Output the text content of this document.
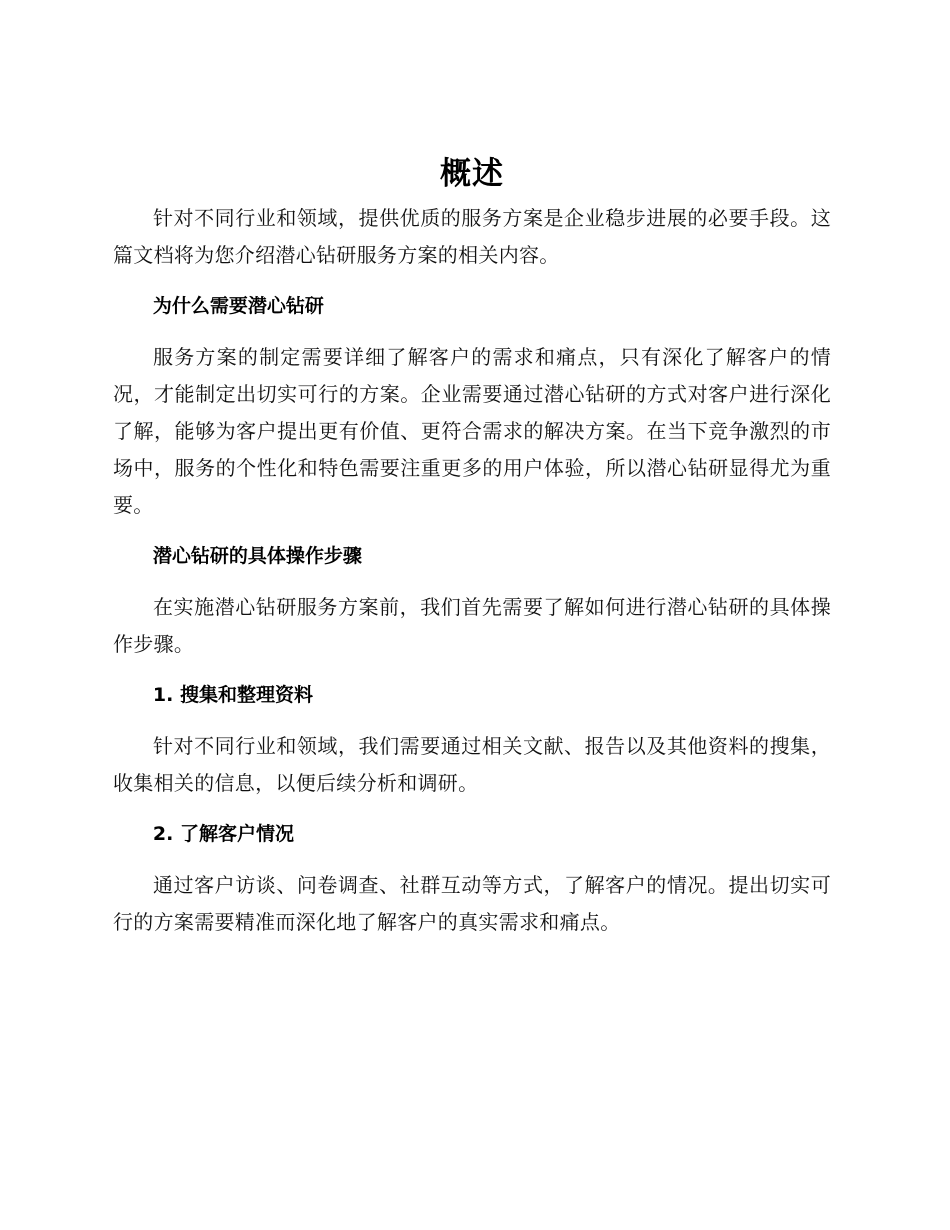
概述

针对不同行业和领域，提供优质的服务方案是企业稳步进展的必要手段。这篇文档将为您介绍潜心钻研服务方案的相关内容。

为什么需要潜心钻研

服务方案的制定需要详细了解客户的需求和痛点，只有深化了解客户的情况，才能制定出切实可行的方案。企业需要通过潜心钻研的方式对客户进行深化了解，能够为客户提出更有价值、更符合需求的解决方案。在当下竞争激烈的市场中，服务的个性化和特色需要注重更多的用户体验，所以潜心钻研显得尤为重要。

潜心钻研的具体操作步骤

在实施潜心钻研服务方案前，我们首先需要了解如何进行潜心钻研的具体操作步骤。

1. 搜集和整理资料

针对不同行业和领域，我们需要通过相关文献、报告以及其他资料的搜集，收集相关的信息，以便后续分析和调研。

2. 了解客户情况

通过客户访谈、问卷调查、社群互动等方式，了解客户的情况。提出切实可行的方案需要精准而深化地了解客户的真实需求和痛点。
